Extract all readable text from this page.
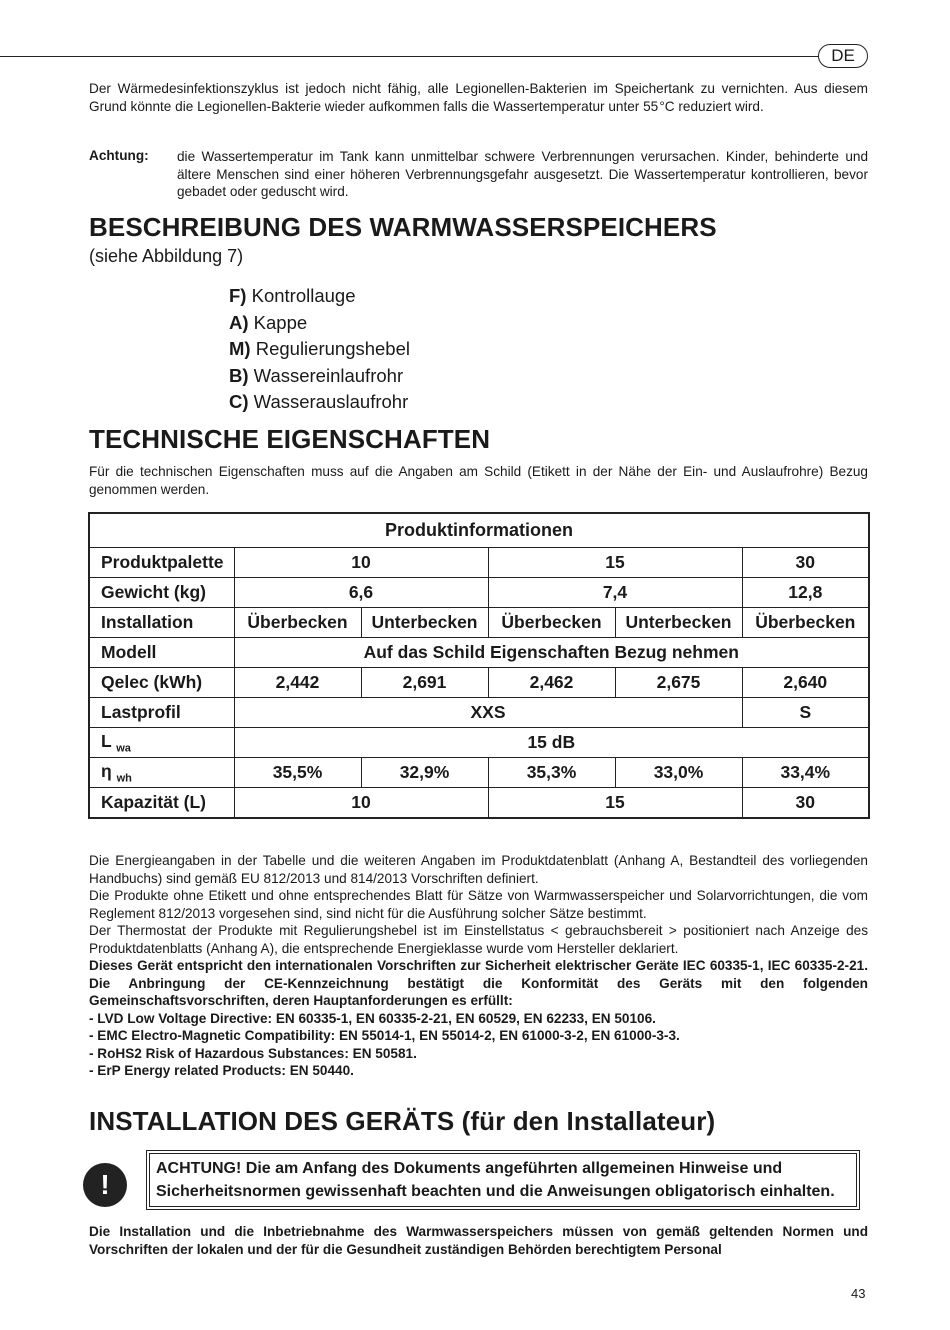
DE

Der Wärmedesinfektionszyklus ist jedoch nicht fähig, alle Legionellen-Bakterien im Speichertank zu vernichten. Aus diesem Grund könnte die Legionellen-Bakterie wieder aufkommen falls die Wassertemperatur unter 55 °C reduziert wird.

Achtung: die Wassertemperatur im Tank kann unmittelbar schwere Verbrennungen verursachen. Kinder, behinderte und ältere Menschen sind einer höheren Verbrennungsgefahr ausgesetzt. Die Wassertemperatur kontrollieren, bevor gebadet oder geduscht wird.

BESCHREIBUNG DES WARMWASSERSPEICHERS

(siehe Abbildung 7)

F) Kontrollauge
A) Kappe
M) Regulierungshebel
B) Wassereinlaufrohr
C) Wasserauslaufrohr
TECHNISCHE EIGENSCHAFTEN

Für die technischen Eigenschaften muss auf die Angaben am Schild (Etikett in der Nähe der Ein- und Auslaufrohre) Bezug genommen werden.

Produktinformationen					
Produktpalette	10		15		30
Gewicht (kg)	6,6		7,4		12,8
Installation	Überbecken	Unterbecken	Überbecken	Unterbecken	Überbecken
Modell	Auf das Schild Eigenschaften Bezug nehmen				
Qelec (kWh)	2,442	2,691	2,462	2,675	2,640
Lastprofil	XXS				S
L $_{wa}$	15 dB				
η $_{wh}$	35,5%	32,9%	35,3%	33,0%	33,4%
Kapazität (L)	10		15		30

Die Energieangaben in der Tabelle und die weiteren Angaben im Produktdatenblatt (Anhang A, Bestandteil des vorliegenden Handbuchs) sind gemäß EU 812/2013 und 814/2013 Vorschriften definiert.

Die Produkte ohne Etikett und ohne entsprechendes Blatt für Sätze von Warmwasserspeicher und Solarvorrichtungen, die vom Reglement 812/2013 vorgesehen sind, sind nicht für die Ausführung solcher Sätze bestimmt.

Der Thermostat der Produkte mit Regulierungshebel ist im Einstellstatus < gebrauchsbereit > positioniert nach Anzeige des Produktdatenblatts (Anhang A), die entsprechende Energieklasse wurde vom Hersteller deklariert.

Dieses Gerät entspricht den internationalen Vorschriften zur Sicherheit elektrischer Geräte IEC 60335-1, IEC 60335-2-21. Die Anbringung der CE-Kennzeichnung bestätigt die Konformität des Geräts mit den folgenden Gemeinschaftsvorschriften, deren Hauptanforderungen es erfüllt:

- LVD Low Voltage Directive: EN 60335-1, EN 60335-2-21, EN 60529, EN 62233, EN 50106.

- EMC Electro-Magnetic Compatibility: EN 55014-1, EN 55014-2, EN 61000-3-2, EN 61000-3-3.

- RoHS2 Risk of Hazardous Substances: EN 50581.

- ErP Energy related Products: EN 50440.

INSTALLATION DES GERÄTS (für den Installateur)
!
ACHTUNG! Die am Anfang des Dokuments angeführten allgemeinen Hinweise und
Sicherheitsnormen gewissenhaft beachten und die Anweisungen obligatorisch einhalten.

Die Installation und die Inbetriebnahme des Warmwasserspeichers müssen von gemäß geltenden Normen und Vorschriften der lokalen und der für die Gesundheit zuständigen Behörden berechtigtem Personal

43
